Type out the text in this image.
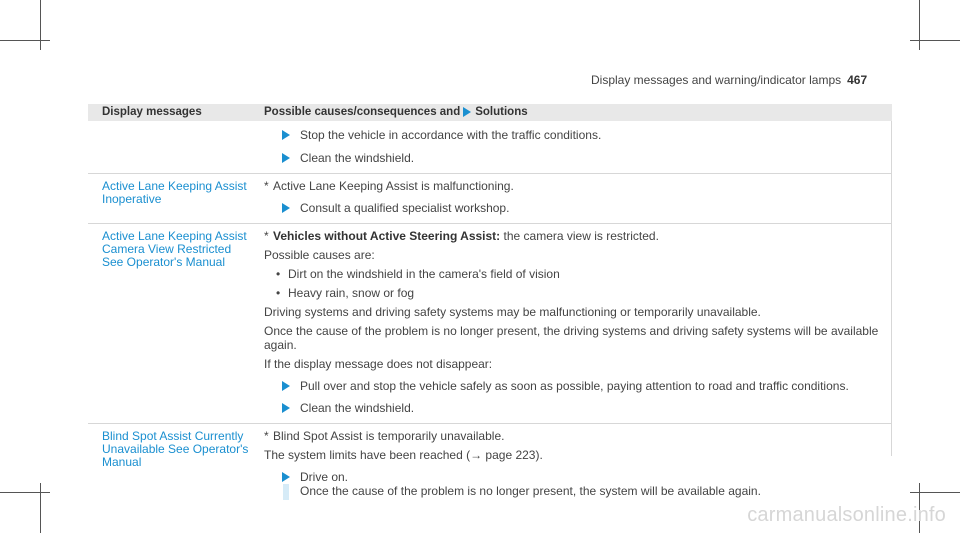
Display messages and warning/indicator lamps 467
Display messages	Possible causes/consequences and Solutions
Stop the vehicle in accordance with the traffic conditions.
Clean the windshield.
Active Lane Keeping Assist Inoperative
* Active Lane Keeping Assist is malfunctioning.
Consult a qualified specialist workshop.
Active Lane Keeping Assist Camera View Restricted See Operator's Manual
* Vehicles without Active Steering Assist: the camera view is restricted.
Possible causes are:
• Dirt on the windshield in the camera's field of vision
• Heavy rain, snow or fog
Driving systems and driving safety systems may be malfunctioning or temporarily unavailable.
Once the cause of the problem is no longer present, the driving systems and driving safety systems will be available again.
If the display message does not disappear:
Pull over and stop the vehicle safely as soon as possible, paying attention to road and traffic conditions.
Clean the windshield.
Blind Spot Assist Currently Unavailable See Operator's Manual
* Blind Spot Assist is temporarily unavailable.
The system limits have been reached (→ page 223).
Drive on.
Once the cause of the problem is no longer present, the system will be available again.
carmanualsonline.info
